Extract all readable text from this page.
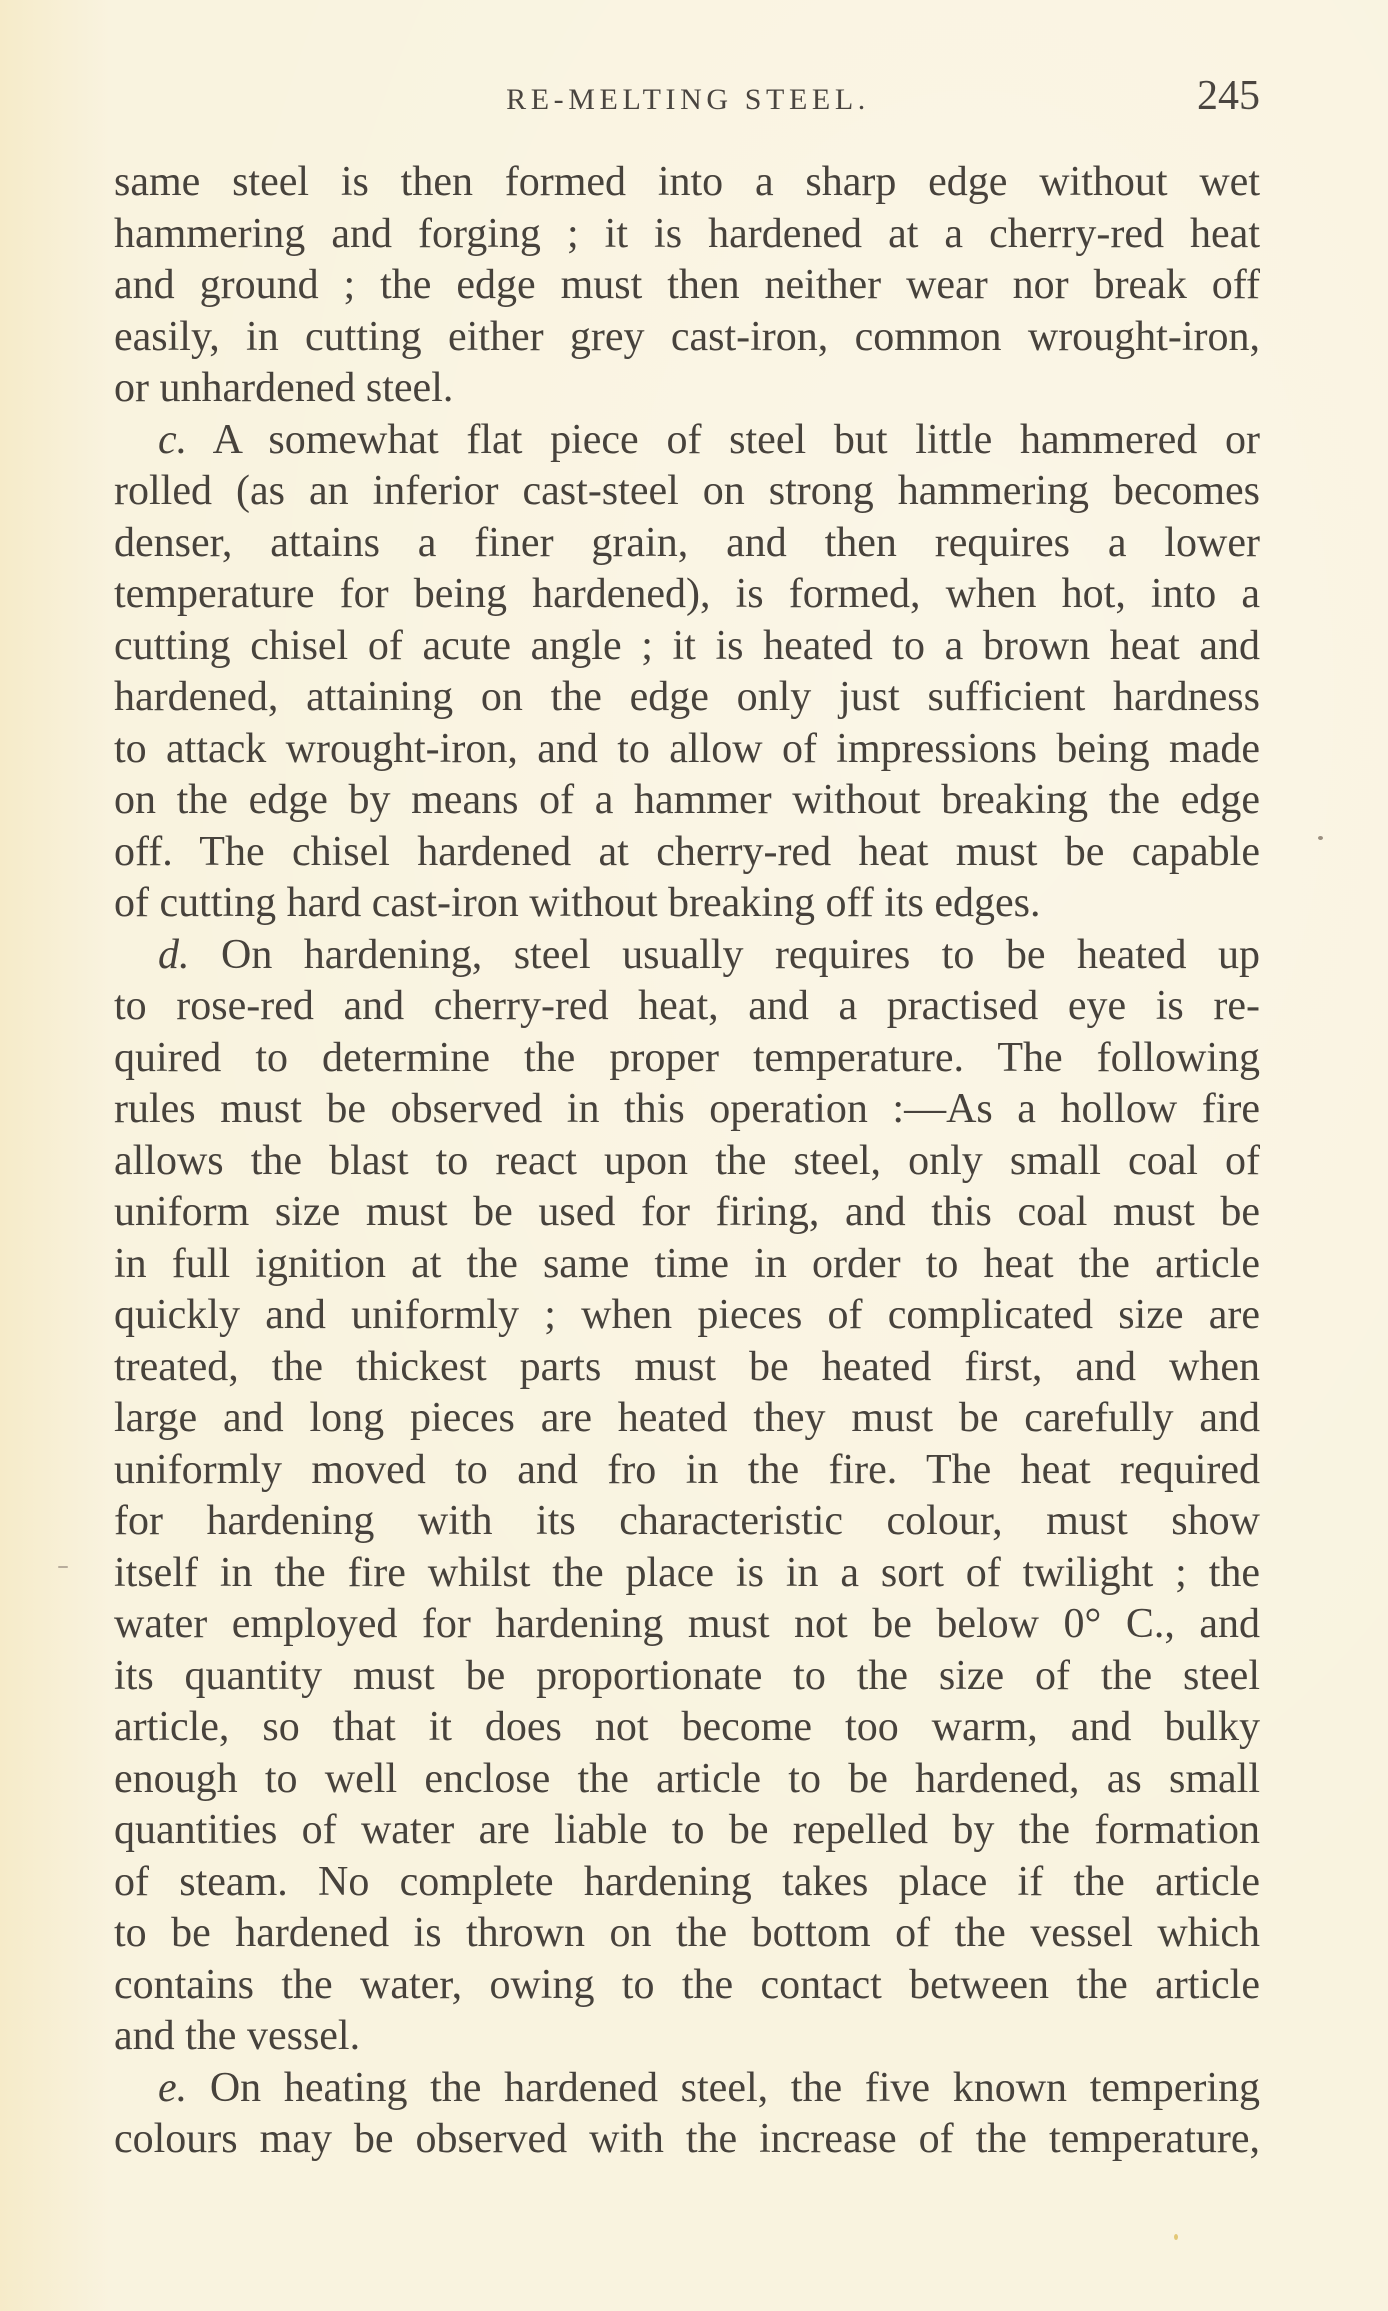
RE-MELTING STEEL.	245
same steel is then formed into a sharp edge without wet
hammering and forging ; it is hardened at a cherry-red heat
and ground ; the edge must then neither wear nor break off
easily, in cutting either grey cast-iron, common wrought-iron,
or unhardened steel.
c. A somewhat flat piece of steel but little hammered or
rolled (as an inferior cast-steel on strong hammering becomes
denser, attains a finer grain, and then requires a lower
temperature for being hardened), is formed, when hot, into a
cutting chisel of acute angle ; it is heated to a brown heat and
hardened, attaining on the edge only just sufficient hardness
to attack wrought-iron, and to allow of impressions being made
on the edge by means of a hammer without breaking the edge
off. The chisel hardened at cherry-red heat must be capable
of cutting hard cast-iron without breaking off its edges.
d. On hardening, steel usually requires to be heated up
to rose-red and cherry-red heat, and a practised eye is re-
quired to determine the proper temperature. The following
rules must be observed in this operation :—As a hollow fire
allows the blast to react upon the steel, only small coal of
uniform size must be used for firing, and this coal must be
in full ignition at the same time in order to heat the article
quickly and uniformly ; when pieces of complicated size are
treated, the thickest parts must be heated first, and when
large and long pieces are heated they must be carefully and
uniformly moved to and fro in the fire. The heat required
for hardening with its characteristic colour, must show
itself in the fire whilst the place is in a sort of twilight ; the
water employed for hardening must not be below 0° C., and
its quantity must be proportionate to the size of the steel
article, so that it does not become too warm, and bulky
enough to well enclose the article to be hardened, as small
quantities of water are liable to be repelled by the formation
of steam. No complete hardening takes place if the article
to be hardened is thrown on the bottom of the vessel which
contains the water, owing to the contact between the article
and the vessel.
e. On heating the hardened steel, the five known tempering
colours may be observed with the increase of the temperature,
